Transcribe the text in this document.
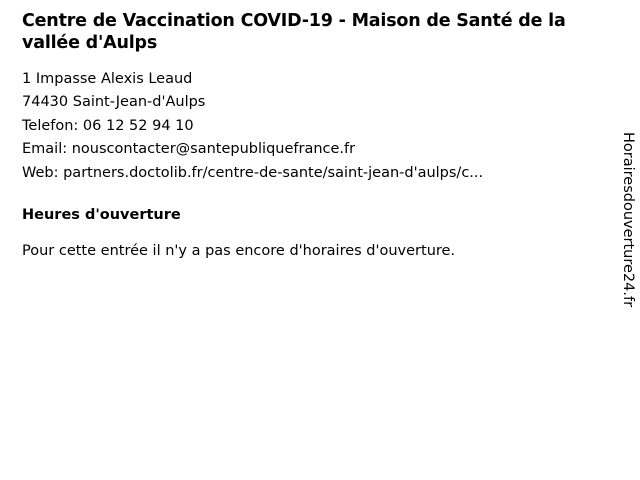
Centre de Vaccination COVID-19 - Maison de Santé de la vallée d'Aulps

1 Impasse Alexis Leaud

74430 Saint-Jean-d'Aulps

Telefon: 06 12 52 94 10

Email: nouscontacter@santepubliquefrance.fr

Web: partners.doctolib.fr/centre-de-sante/saint-jean-d'aulps/c...

Heures d'ouverture

Pour cette entrée il n'y a pas encore d'horaires d'ouverture.	Horairesdouverture24.fr
